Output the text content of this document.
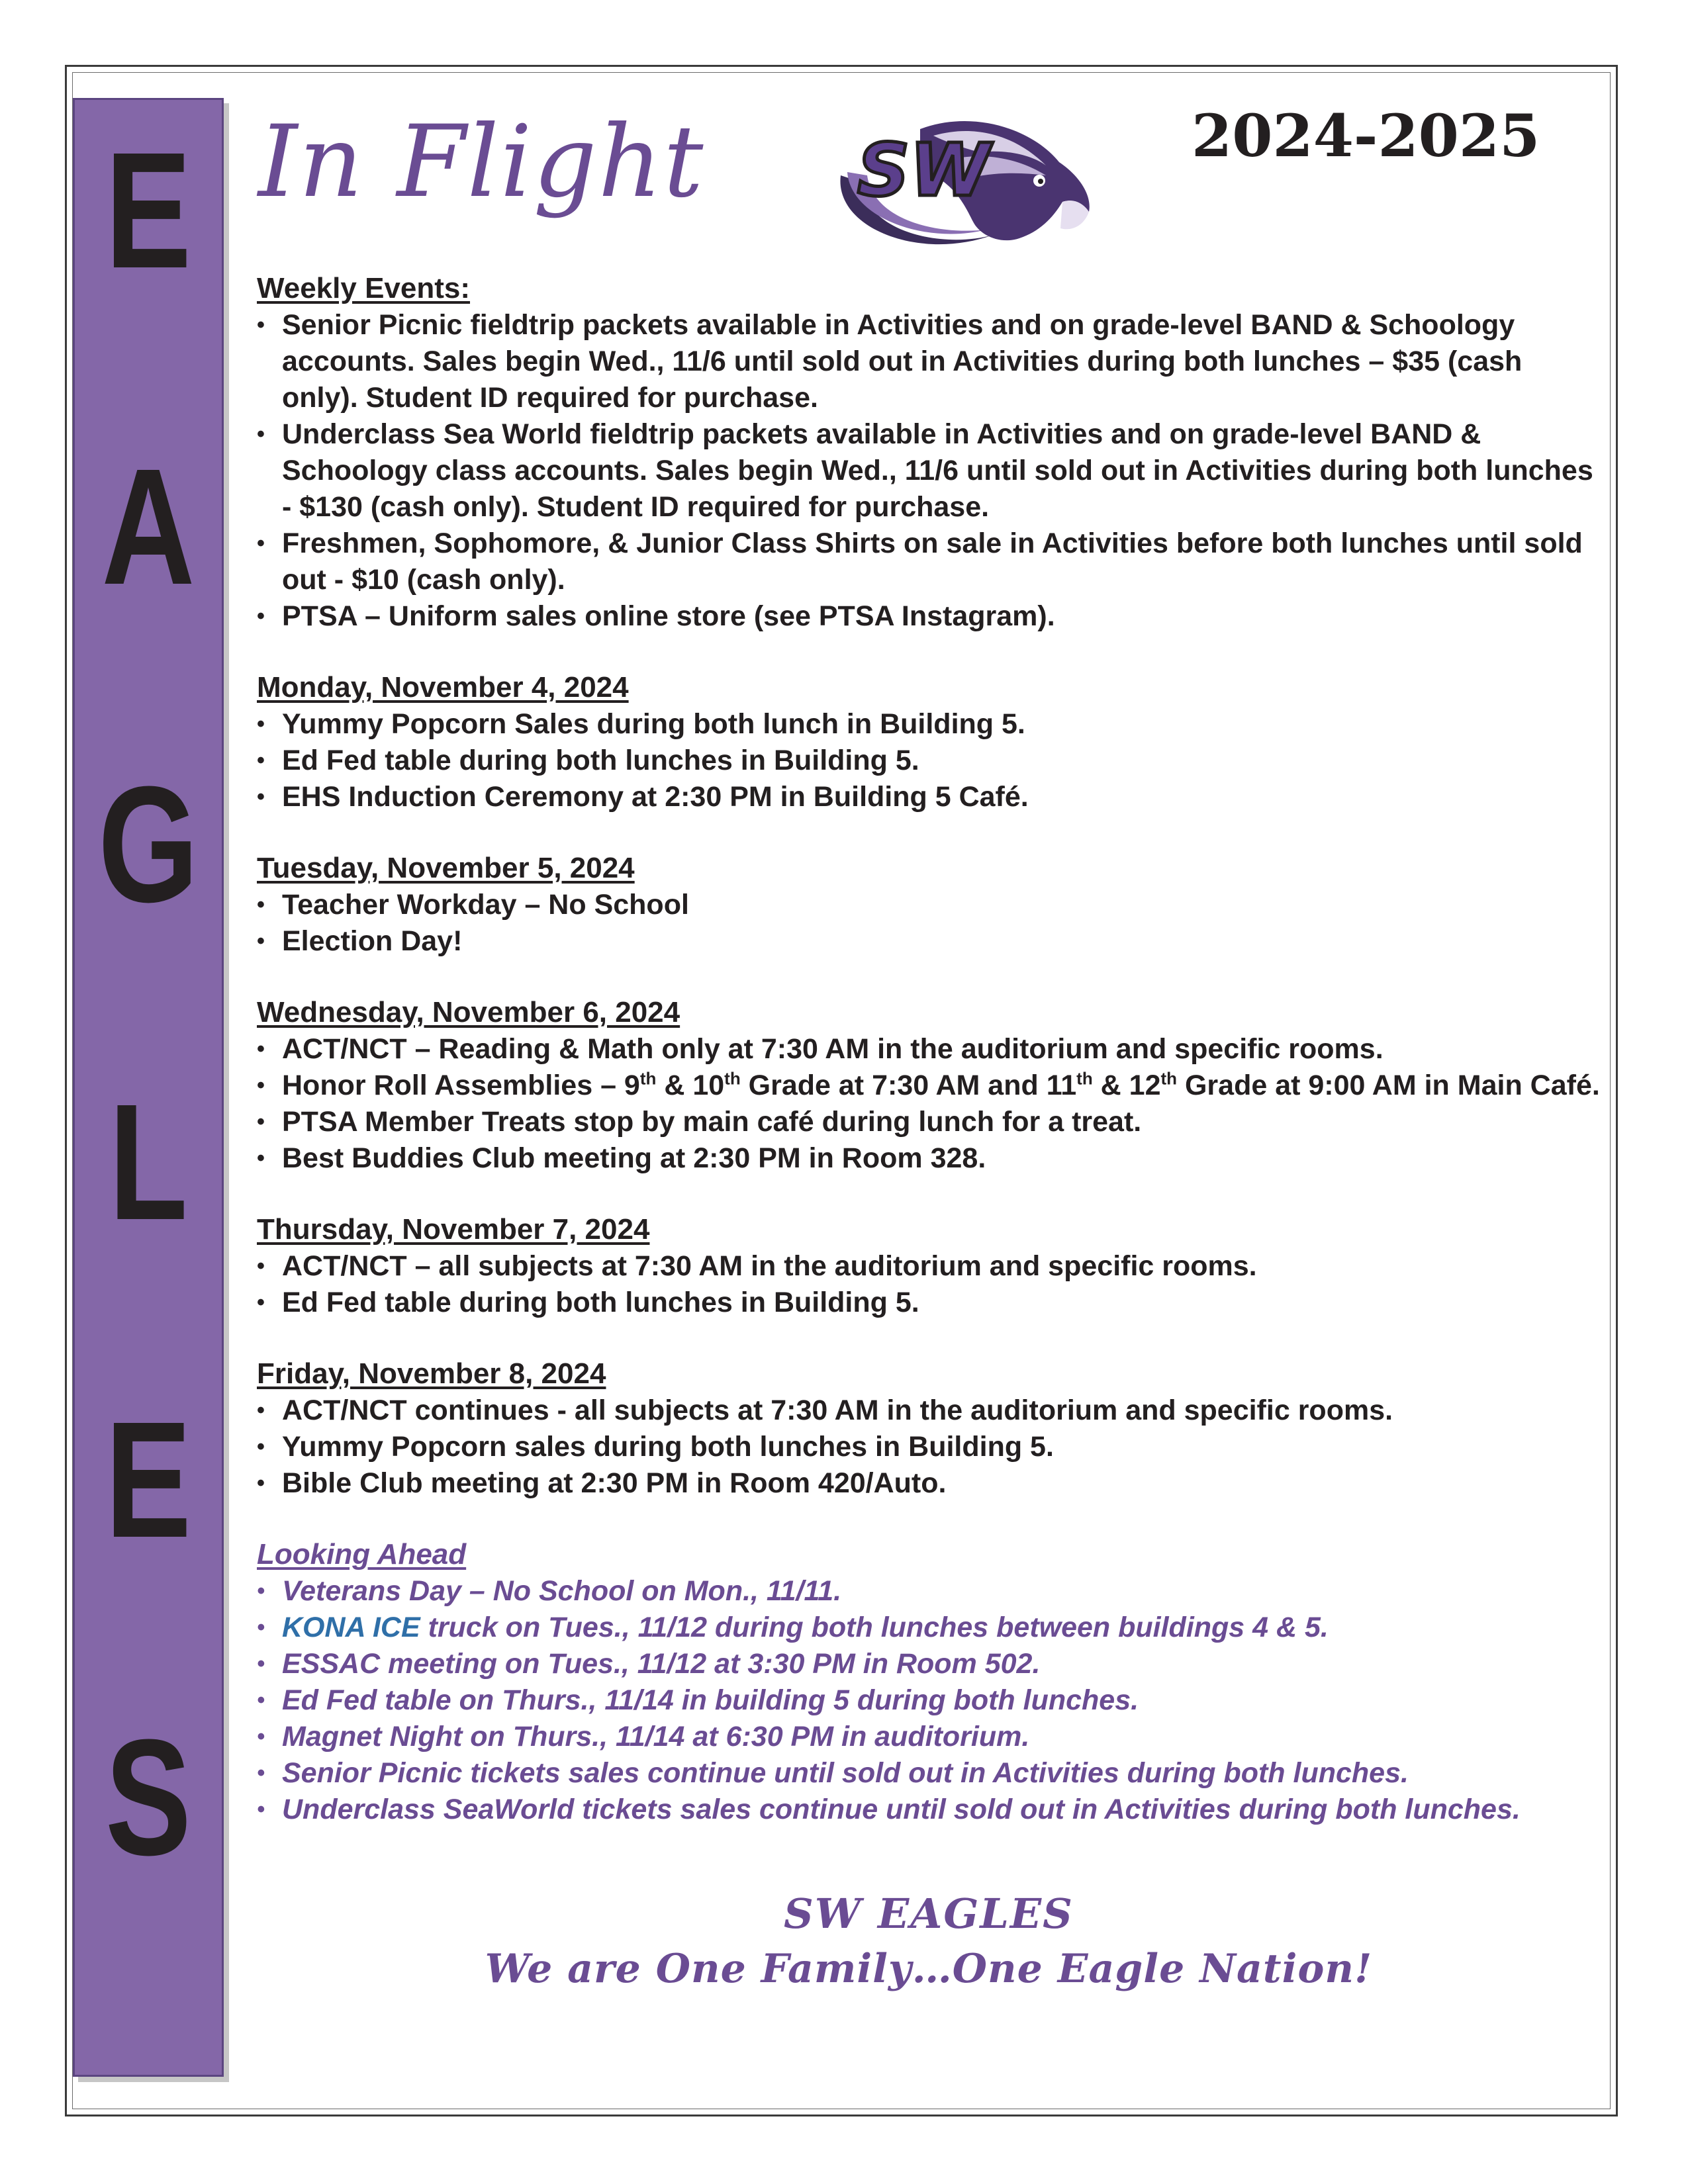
E
A
G
L
E
S
In Flight SW	2024-2025
Weekly Events:
• Senior Picnic fieldtrip packets available in Activities and on grade-level BAND & Schoology accounts. Sales begin Wed., 11/6 until sold out in Activities during both lunches – $35 (cash only). Student ID required for purchase.
• Underclass Sea World fieldtrip packets available in Activities and on grade-level BAND & Schoology class accounts. Sales begin Wed., 11/6 until sold out in Activities during both lunches - $130 (cash only). Student ID required for purchase.
• Freshmen, Sophomore, & Junior Class Shirts on sale in Activities before both lunches until sold out - $10 (cash only).
• PTSA – Uniform sales online store (see PTSA Instagram).
Monday, November 4, 2024
• Yummy Popcorn Sales during both lunch in Building 5.
• Ed Fed table during both lunches in Building 5.
• EHS Induction Ceremony at 2:30 PM in Building 5 Café.
Tuesday, November 5, 2024
• Teacher Workday – No School
• Election Day!
Wednesday, November 6, 2024
• ACT/NCT – Reading & Math only at 7:30 AM in the auditorium and specific rooms.
• Honor Roll Assemblies – 9th & 10th Grade at 7:30 AM and 11th & 12th Grade at 9:00 AM in Main Café.
• PTSA Member Treats stop by main café during lunch for a treat.
• Best Buddies Club meeting at 2:30 PM in Room 328.
Thursday, November 7, 2024
• ACT/NCT – all subjects at 7:30 AM in the auditorium and specific rooms.
• Ed Fed table during both lunches in Building 5.
Friday, November 8, 2024
• ACT/NCT continues - all subjects at 7:30 AM in the auditorium and specific rooms.
• Yummy Popcorn sales during both lunches in Building 5.
• Bible Club meeting at 2:30 PM in Room 420/Auto.
Looking Ahead
• Veterans Day – No School on Mon., 11/11.
• KONA ICE truck on Tues., 11/12 during both lunches between buildings 4 & 5.
• ESSAC meeting on Tues., 11/12 at 3:30 PM in Room 502.
• Ed Fed table on Thurs., 11/14 in building 5 during both lunches.
• Magnet Night on Thurs., 11/14 at 6:30 PM in auditorium.
• Senior Picnic tickets sales continue until sold out in Activities during both lunches.
• Underclass SeaWorld tickets sales continue until sold out in Activities during both lunches.
SW EAGLES
We are One Family…One Eagle Nation!
